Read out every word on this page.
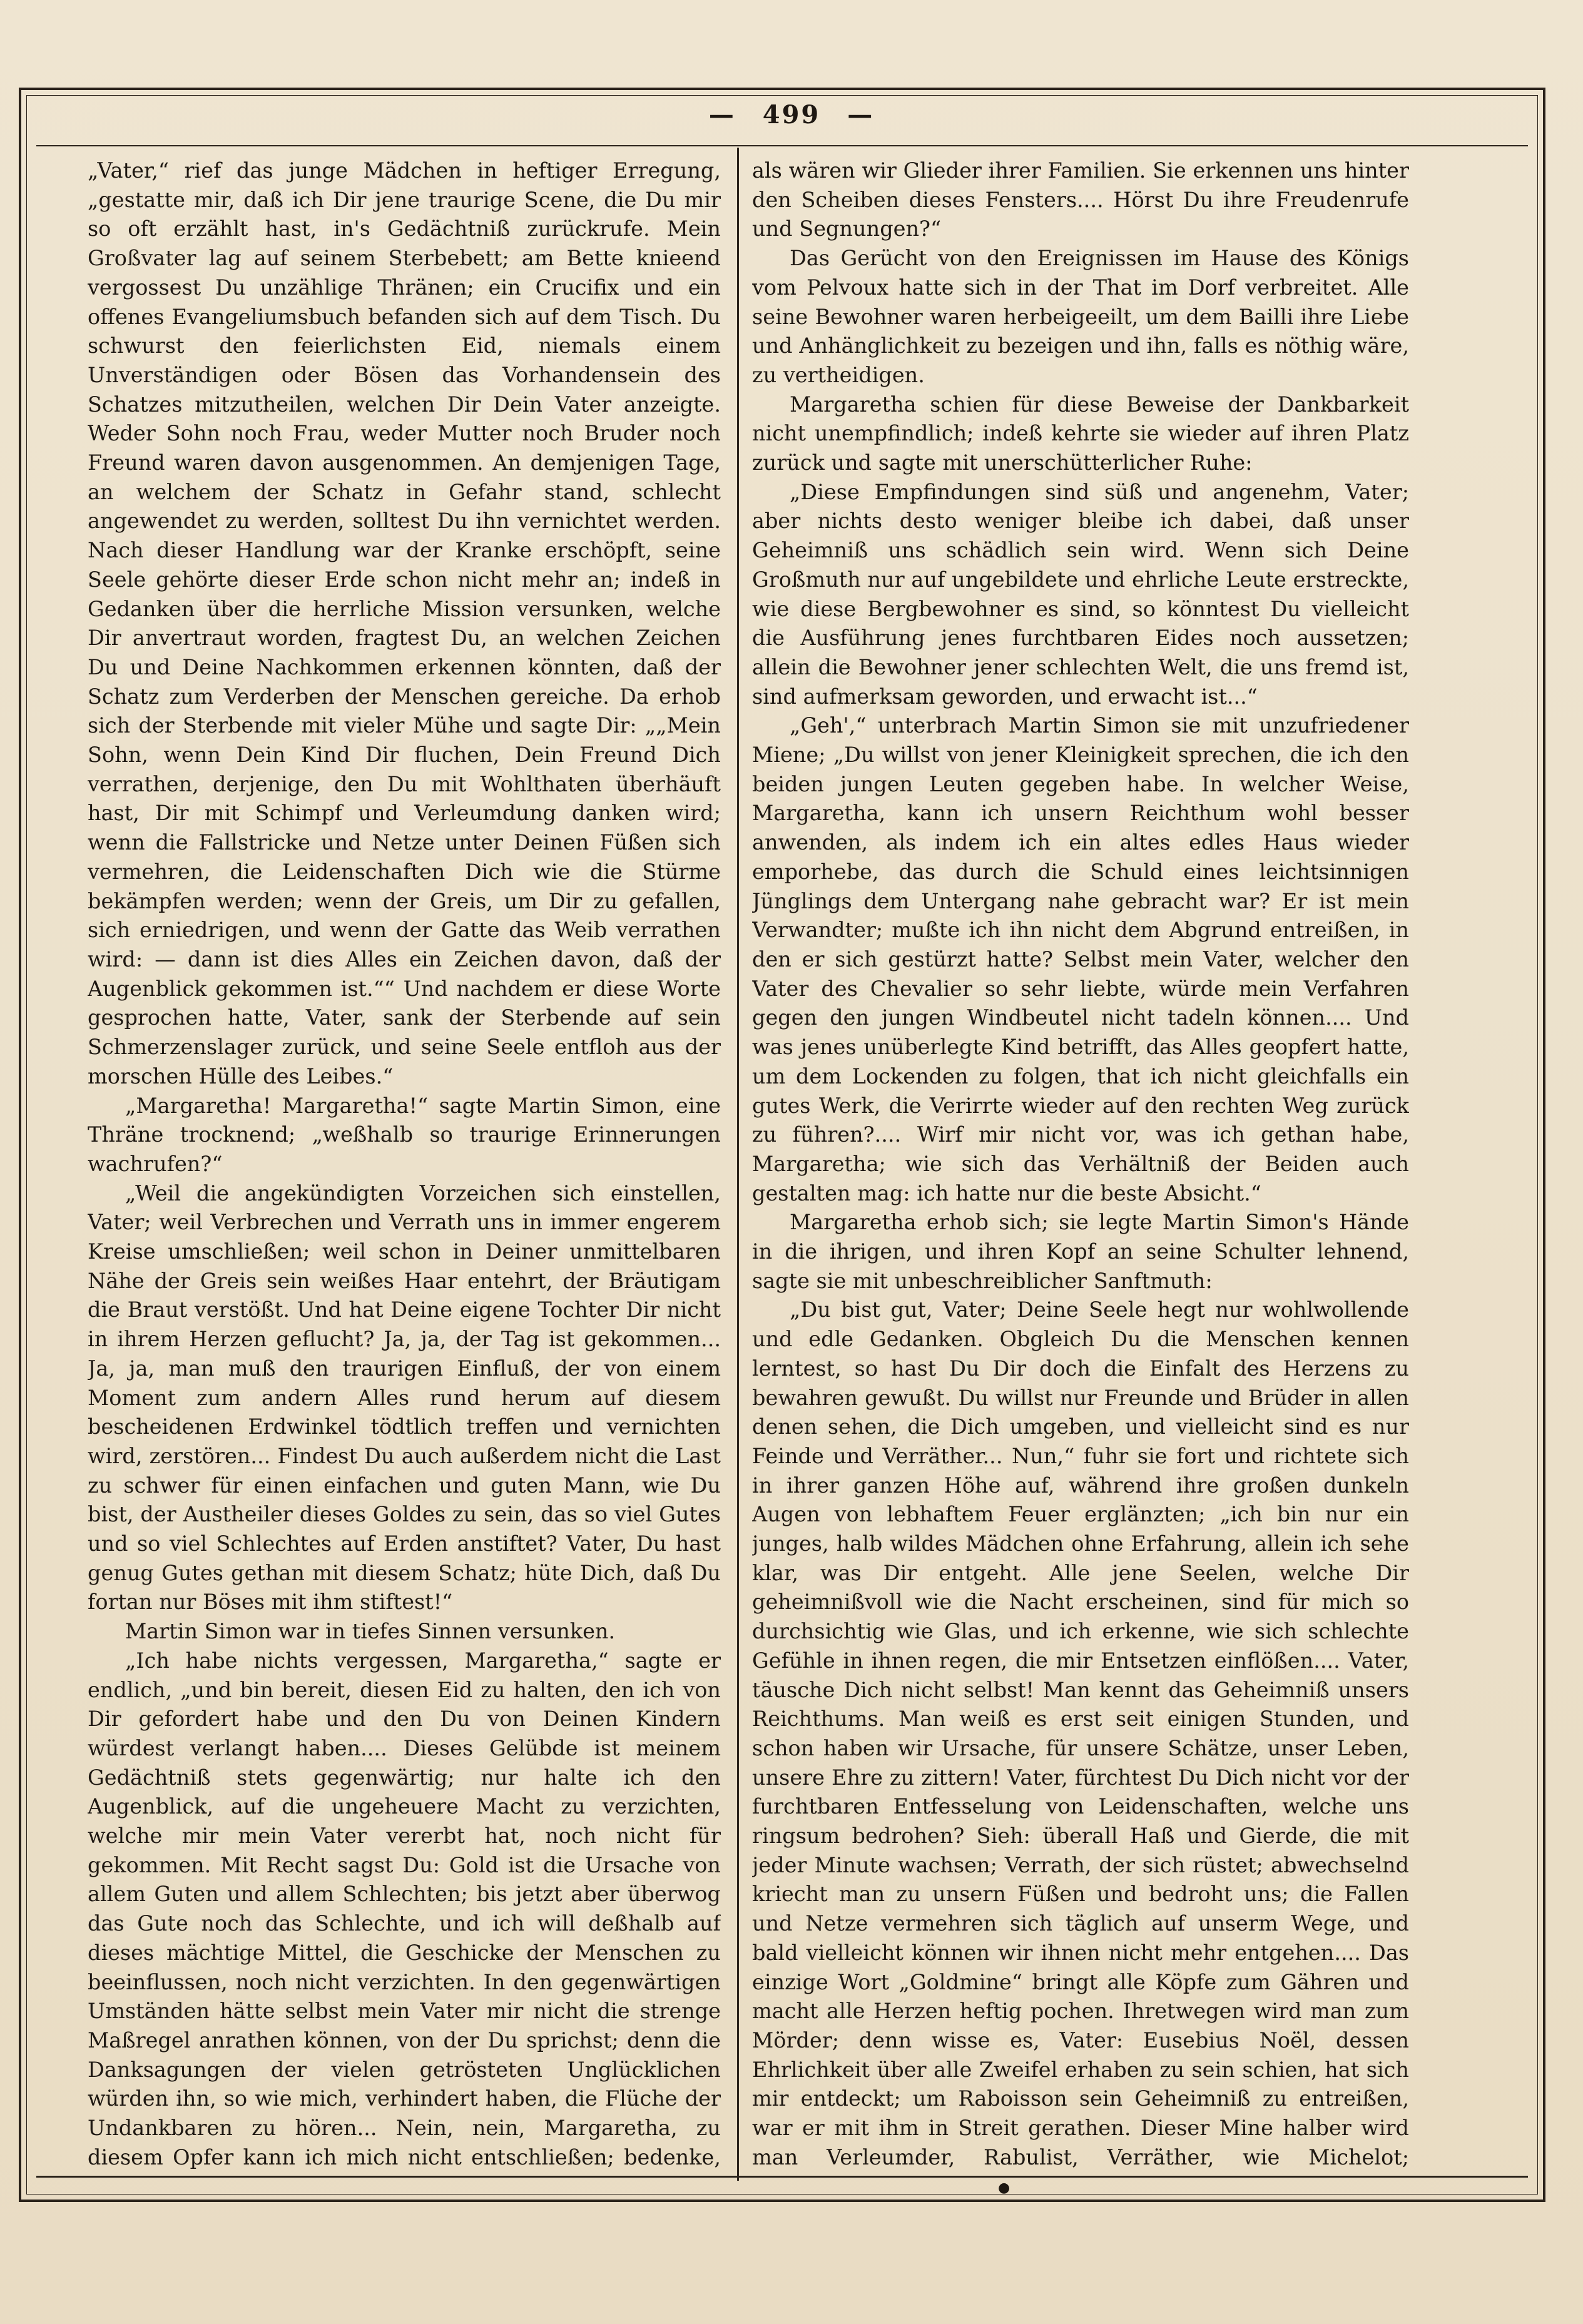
— 499 —

„Vater,“ rief das junge Mädchen in heftiger Erregung, „gestatte mir, daß ich Dir jene traurige Scene, die Du mir so oft erzählt hast, in's Gedächtniß zurückrufe. Mein Großvater lag auf seinem Sterbebett; am Bette knieend vergossest Du unzählige Thränen; ein Crucifix und ein offenes Evangeliumsbuch befanden sich auf dem Tisch. Du schwurst den feierlichsten Eid, niemals einem Unverständigen oder Bösen das Vorhandensein des Schatzes mitzutheilen, welchen Dir Dein Vater anzeigte. Weder Sohn noch Frau, weder Mutter noch Bruder noch Freund waren davon ausgenommen. An demjenigen Tage, an welchem der Schatz in Gefahr stand, schlecht angewendet zu werden, solltest Du ihn vernichtet werden. Nach dieser Handlung war der Kranke erschöpft, seine Seele gehörte dieser Erde schon nicht mehr an; indeß in Gedanken über die herrliche Mission versunken, welche Dir anvertraut worden, fragtest Du, an welchen Zeichen Du und Deine Nachkommen erkennen könnten, daß der Schatz zum Verderben der Menschen gereiche. Da erhob sich der Sterbende mit vieler Mühe und sagte Dir: „„Mein Sohn, wenn Dein Kind Dir fluchen, Dein Freund Dich verrathen, derjenige, den Du mit Wohlthaten überhäuft hast, Dir mit Schimpf und Verleumdung danken wird; wenn die Fallstricke und Netze unter Deinen Füßen sich vermehren, die Leidenschaften Dich wie die Stürme bekämpfen werden; wenn der Greis, um Dir zu gefallen, sich erniedrigen, und wenn der Gatte das Weib verrathen wird: — dann ist dies Alles ein Zeichen davon, daß der Augenblick gekommen ist.““ Und nachdem er diese Worte gesprochen hatte, Vater, sank der Sterbende auf sein Schmerzenslager zurück, und seine Seele entfloh aus der morschen Hülle des Leibes.“

„Margaretha! Margaretha!“ sagte Martin Simon, eine Thräne trocknend; „weßhalb so traurige Erinnerungen wachrufen?“

„Weil die angekündigten Vorzeichen sich einstellen, Vater; weil Verbrechen und Verrath uns in immer engerem Kreise umschließen; weil schon in Deiner unmittelbaren Nähe der Greis sein weißes Haar entehrt, der Bräutigam die Braut verstößt. Und hat Deine eigene Tochter Dir nicht in ihrem Herzen geflucht? Ja, ja, der Tag ist gekommen... Ja, ja, man muß den traurigen Einfluß, der von einem Moment zum andern Alles rund herum auf diesem bescheidenen Erdwinkel tödtlich treffen und vernichten wird, zerstören... Findest Du auch außerdem nicht die Last zu schwer für einen einfachen und guten Mann, wie Du bist, der Austheiler dieses Goldes zu sein, das so viel Gutes und so viel Schlechtes auf Erden anstiftet? Vater, Du hast genug Gutes gethan mit diesem Schatz; hüte Dich, daß Du fortan nur Böses mit ihm stiftest!“

Martin Simon war in tiefes Sinnen versunken.

„Ich habe nichts vergessen, Margaretha,“ sagte er endlich, „und bin bereit, diesen Eid zu halten, den ich von Dir gefordert habe und den Du von Deinen Kindern würdest verlangt haben.... Dieses Gelübde ist meinem Gedächtniß stets gegenwärtig; nur halte ich den Augenblick, auf die ungeheuere Macht zu verzichten, welche mir mein Vater vererbt hat, noch nicht für gekommen. Mit Recht sagst Du: Gold ist die Ursache von allem Guten und allem Schlechten; bis jetzt aber überwog das Gute noch das Schlechte, und ich will deßhalb auf dieses mächtige Mittel, die Geschicke der Menschen zu beeinflussen, noch nicht verzichten. In den gegenwärtigen Umständen hätte selbst mein Vater mir nicht die strenge Maßregel anrathen können, von der Du sprichst; denn die Danksagungen der vielen getrösteten Unglücklichen würden ihn, so wie mich, verhindert haben, die Flüche der Undankbaren zu hören... Nein, nein, Margaretha, zu diesem Opfer kann ich mich nicht entschließen; bedenke,

als wären wir Glieder ihrer Familien. Sie erkennen uns hinter den Scheiben dieses Fensters.... Hörst Du ihre Freudenrufe und Segnungen?“

Das Gerücht von den Ereignissen im Hause des Königs vom Pelvoux hatte sich in der That im Dorf verbreitet. Alle seine Bewohner waren herbeigeeilt, um dem Bailli ihre Liebe und Anhänglichkeit zu bezeigen und ihn, falls es nöthig wäre, zu vertheidigen.

Margaretha schien für diese Beweise der Dankbarkeit nicht unempfindlich; indeß kehrte sie wieder auf ihren Platz zurück und sagte mit unerschütterlicher Ruhe:

„Diese Empfindungen sind süß und angenehm, Vater; aber nichts desto weniger bleibe ich dabei, daß unser Geheimniß uns schädlich sein wird. Wenn sich Deine Großmuth nur auf ungebildete und ehrliche Leute erstreckte, wie diese Bergbewohner es sind, so könntest Du vielleicht die Ausführung jenes furchtbaren Eides noch aussetzen; allein die Bewohner jener schlechten Welt, die uns fremd ist, sind aufmerksam geworden, und erwacht ist...“

„Geh',“ unterbrach Martin Simon sie mit unzufriedener Miene; „Du willst von jener Kleinigkeit sprechen, die ich den beiden jungen Leuten gegeben habe. In welcher Weise, Margaretha, kann ich unsern Reichthum wohl besser anwenden, als indem ich ein altes edles Haus wieder emporhebe, das durch die Schuld eines leichtsinnigen Jünglings dem Untergang nahe gebracht war? Er ist mein Verwandter; mußte ich ihn nicht dem Abgrund entreißen, in den er sich gestürzt hatte? Selbst mein Vater, welcher den Vater des Chevalier so sehr liebte, würde mein Verfahren gegen den jungen Windbeutel nicht tadeln können.... Und was jenes unüberlegte Kind betrifft, das Alles geopfert hatte, um dem Lockenden zu folgen, that ich nicht gleichfalls ein gutes Werk, die Verirrte wieder auf den rechten Weg zurück zu führen?.... Wirf mir nicht vor, was ich gethan habe, Margaretha; wie sich das Verhältniß der Beiden auch gestalten mag: ich hatte nur die beste Absicht.“

Margaretha erhob sich; sie legte Martin Simon's Hände in die ihrigen, und ihren Kopf an seine Schulter lehnend, sagte sie mit unbeschreiblicher Sanftmuth:

„Du bist gut, Vater; Deine Seele hegt nur wohlwollende und edle Gedanken. Obgleich Du die Menschen kennen lerntest, so hast Du Dir doch die Einfalt des Herzens zu bewahren gewußt. Du willst nur Freunde und Brüder in allen denen sehen, die Dich umgeben, und vielleicht sind es nur Feinde und Verräther... Nun,“ fuhr sie fort und richtete sich in ihrer ganzen Höhe auf, während ihre großen dunkeln Augen von lebhaftem Feuer erglänzten; „ich bin nur ein junges, halb wildes Mädchen ohne Erfahrung, allein ich sehe klar, was Dir entgeht. Alle jene Seelen, welche Dir geheimnißvoll wie die Nacht erscheinen, sind für mich so durchsichtig wie Glas, und ich erkenne, wie sich schlechte Gefühle in ihnen regen, die mir Entsetzen einflößen.... Vater, täusche Dich nicht selbst! Man kennt das Geheimniß unsers Reichthums. Man weiß es erst seit einigen Stunden, und schon haben wir Ursache, für unsere Schätze, unser Leben, unsere Ehre zu zittern! Vater, fürchtest Du Dich nicht vor der furchtbaren Entfesselung von Leidenschaften, welche uns ringsum bedrohen? Sieh: überall Haß und Gierde, die mit jeder Minute wachsen; Verrath, der sich rüstet; abwechselnd kriecht man zu unsern Füßen und bedroht uns; die Fallen und Netze vermehren sich täglich auf unserm Wege, und bald vielleicht können wir ihnen nicht mehr entgehen.... Das einzige Wort „Goldmine“ bringt alle Köpfe zum Gähren und macht alle Herzen heftig pochen. Ihretwegen wird man zum Mörder; denn wisse es, Vater: Eusebius Noël, dessen Ehrlichkeit über alle Zweifel erhaben zu sein schien, hat sich mir entdeckt; um Raboisson sein Geheimniß zu entreißen, war er mit ihm in Streit gerathen. Dieser Mine halber wird man Verleumder, Rabulist, Verräther, wie Michelot;

●
